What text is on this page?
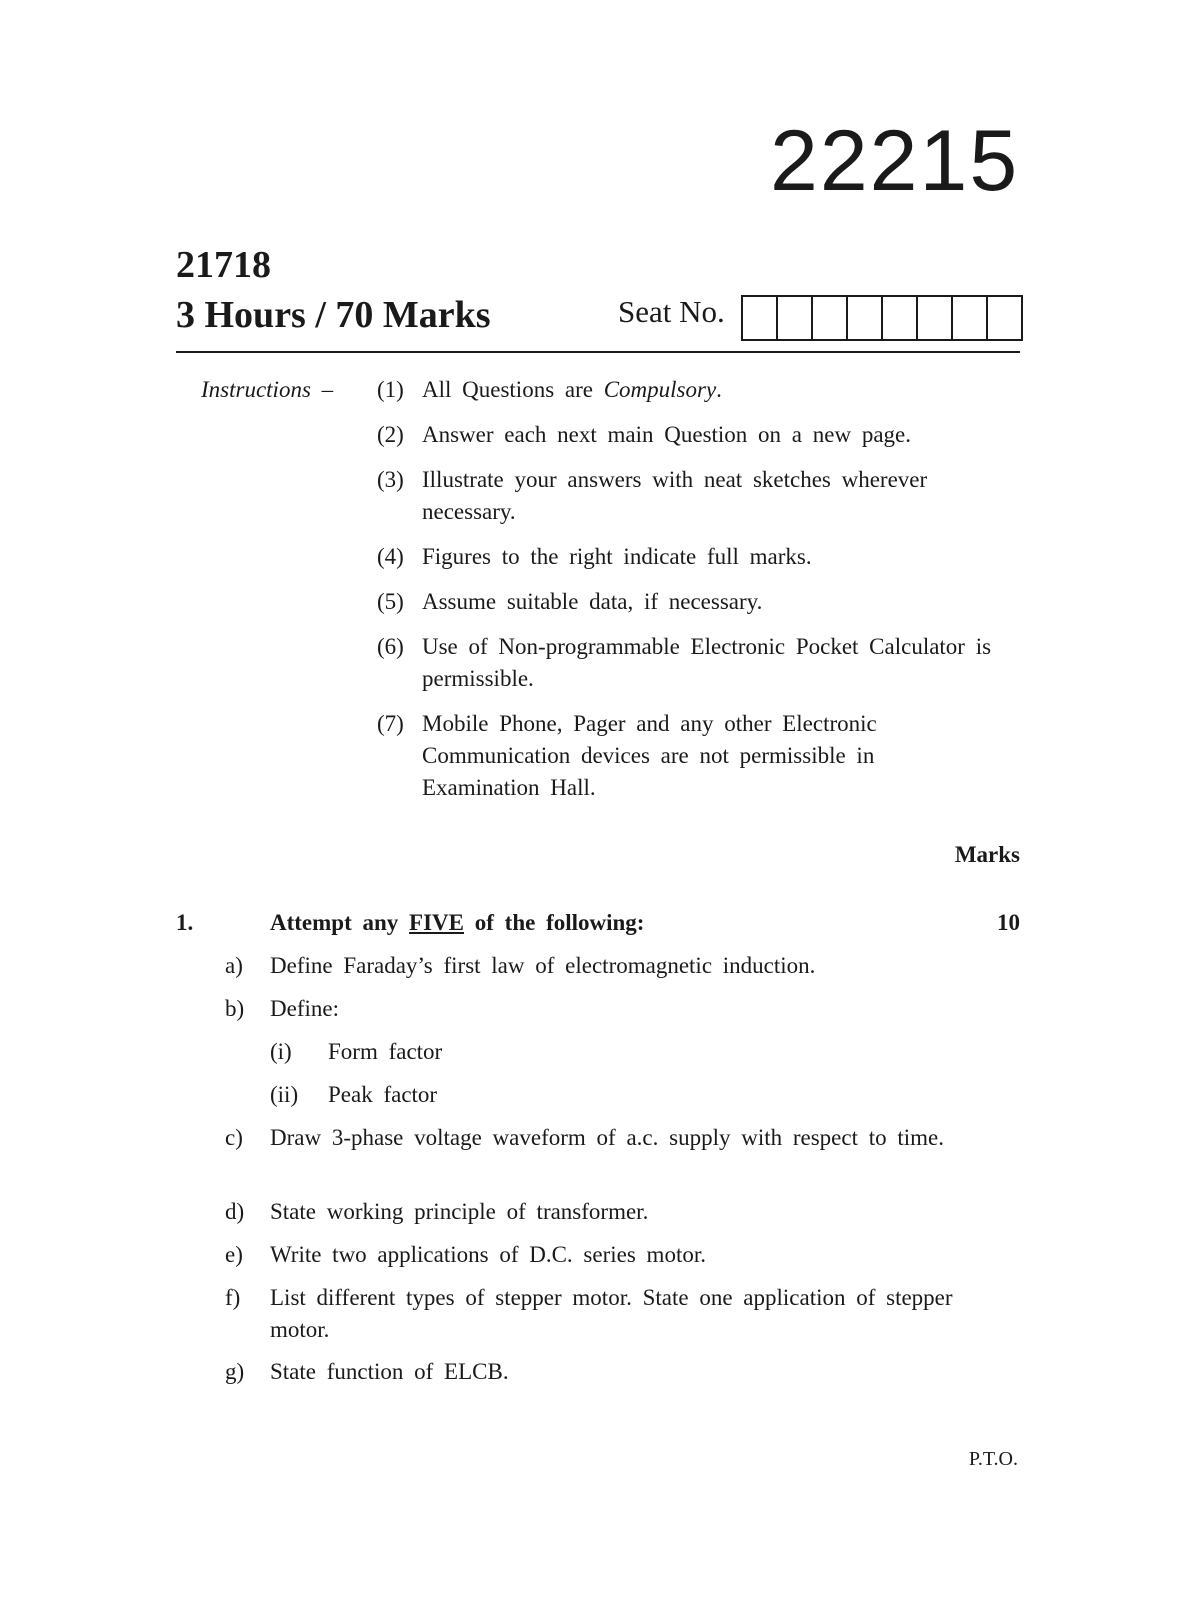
22215
21718
3 Hours / 70 Marks	Seat No.
Instructions – (1) All Questions are Compulsory.
(2) Answer each next main Question on a new page.
(3) Illustrate your answers with neat sketches wherever necessary.
(4) Figures to the right indicate full marks.
(5) Assume suitable data, if necessary.
(6) Use of Non-programmable Electronic Pocket Calculator is permissible.
(7) Mobile Phone, Pager and any other Electronic Communication devices are not permissible in Examination Hall.
Marks
1.	Attempt any FIVE of the following:	10
a) Define Faraday’s first law of electromagnetic induction.
b) Define:
(i) Form factor
(ii) Peak factor
c) Draw 3-phase voltage waveform of a.c. supply with respect to time.
d) State working principle of transformer.
e) Write two applications of D.C. series motor.
f) List different types of stepper motor. State one application of stepper motor.
g) State function of ELCB.
P.T.O.
